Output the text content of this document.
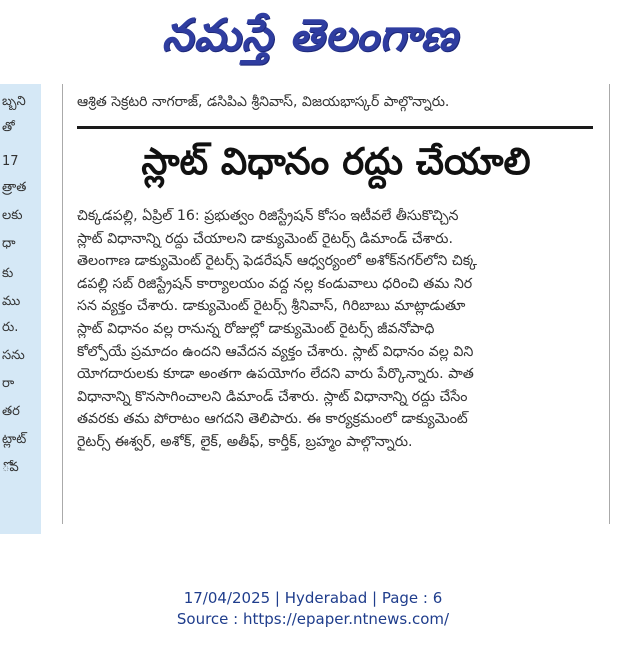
నమస్తే తెలంగాణ
బ్బని
తో
17
త్రాత
లకు
ధా
కు
ము
రు.
సను
రా
తర
ట్లాట్
ోవ
ఆశ్రిత సెక్రటరి నాగరాజ్, డసిపిఎ శ్రీనివాస్, విజయభాస్కర్ పాల్గొన్నారు.
స్లాట్ విధానం రద్దు చేయాలి
చిక్కడపల్లి, ఏప్రిల్ 16: ప్రభుత్వం రిజిస్ట్రేషన్ కోసం ఇటీవలే తీసుకొచ్చిన
స్లాట్ విధానాన్ని రద్దు చేయాలని డాక్యుమెంట్ రైటర్స్ డిమాండ్ చేశారు.
తెలంగాణ డాక్యుమెంట్ రైటర్స్ ఫెడరేషన్ ఆధ్వర్యంలో అశోక్‌నగర్‌లోని చిక్క
డపల్లి సబ్ రిజిస్ట్రేషన్ కార్యాలయం వద్ద నల్ల కండువాలు ధరించి తమ నిర
సన వ్యక్తం చేశారు. డాక్యుమెంట్ రైటర్స్ శ్రీనివాస్, గిరిబాబు మాట్లాడుతూ
స్లాట్ విధానం వల్ల రానున్న రోజుల్లో డాక్యుమెంట్ రైటర్స్ జీవనోపాధి
కోల్పోయే ప్రమాదం ఉందని ఆవేదన వ్యక్తం చేశారు. స్లాట్ విధానం వల్ల విని
యోగదారులకు కూడా అంతగా ఉపయోగం లేదని వారు పేర్కొన్నారు. పాత
విధానాన్ని కొనసాగించాలని డిమాండ్ చేశారు. స్లాట్ విధానాన్ని రద్దు చేసేం
తవరకు తమ పోరాటం ఆగదని తెలిపారు. ఈ కార్యక్రమంలో డాక్యుమెంట్
రైటర్స్ ఈశ్వర్, అశోక్, లైక్, అతీఫ్, కార్తీక్, బ్రహ్మం పాల్గొన్నారు.
17/04/2025 | Hyderabad | Page : 6
Source : https://epaper.ntnews.com/
